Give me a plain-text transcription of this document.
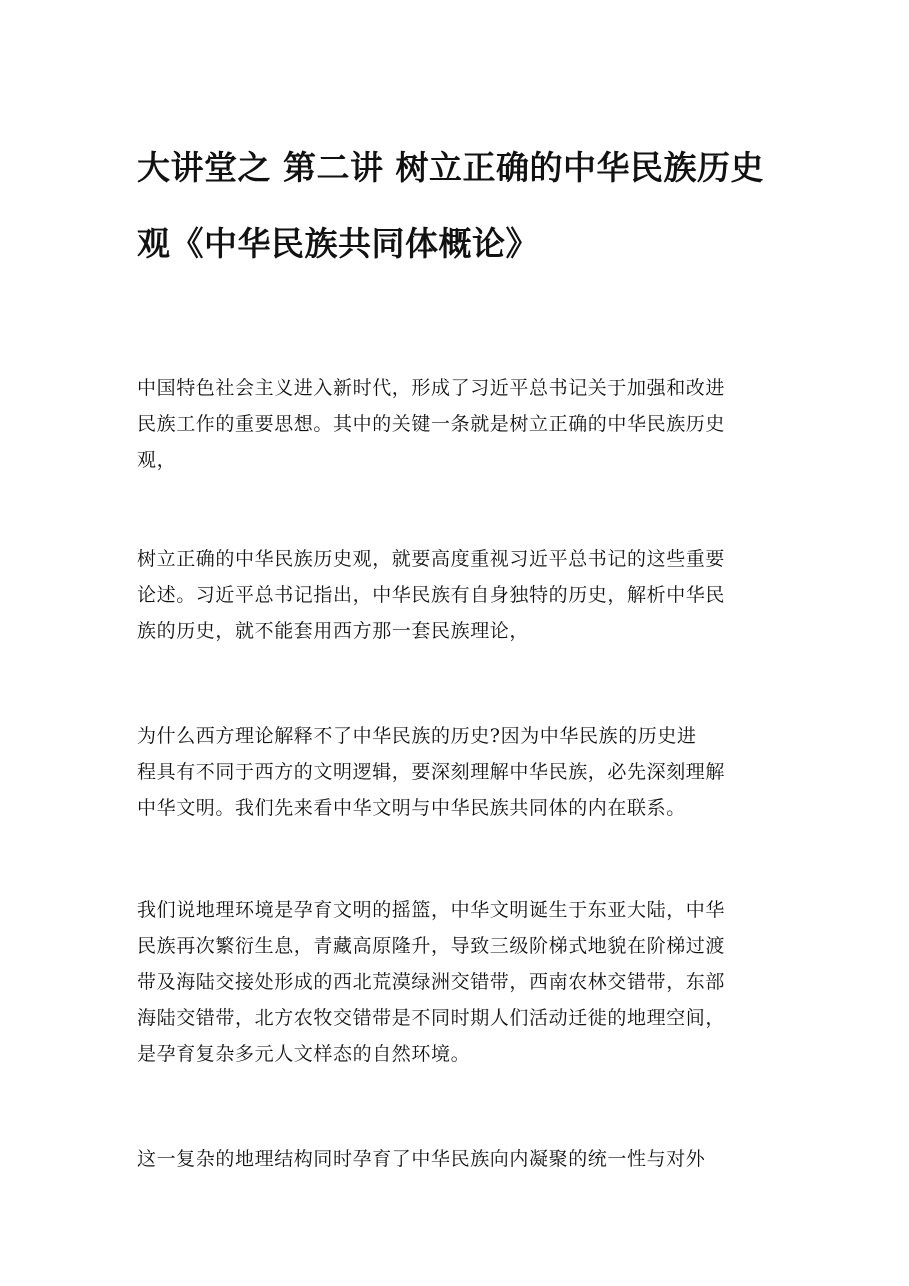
大讲堂之 第二讲 树立正确的中华民族历史
观《中华民族共同体概论》

中国特色社会主义进入新时代，形成了习近平总书记关于加强和改进
民族工作的重要思想。其中的关键一条就是树立正确的中华民族历史
观，

树立正确的中华民族历史观，就要高度重视习近平总书记的这些重要
论述。习近平总书记指出，中华民族有自身独特的历史，解析中华民
族的历史，就不能套用西方那一套民族理论，

为什么西方理论解释不了中华民族的历史?因为中华民族的历史进
程具有不同于西方的文明逻辑，要深刻理解中华民族，必先深刻理解
中华文明。我们先来看中华文明与中华民族共同体的内在联系。

我们说地理环境是孕育文明的摇篮，中华文明诞生于东亚大陆，中华
民族再次繁衍生息，青藏高原隆升，导致三级阶梯式地貌在阶梯过渡
带及海陆交接处形成的西北荒漠绿洲交错带，西南农林交错带，东部
海陆交错带，北方农牧交错带是不同时期人们活动迁徙的地理空间，
是孕育复杂多元人文样态的自然环境。

这一复杂的地理结构同时孕育了中华民族向内凝聚的统一性与对外
